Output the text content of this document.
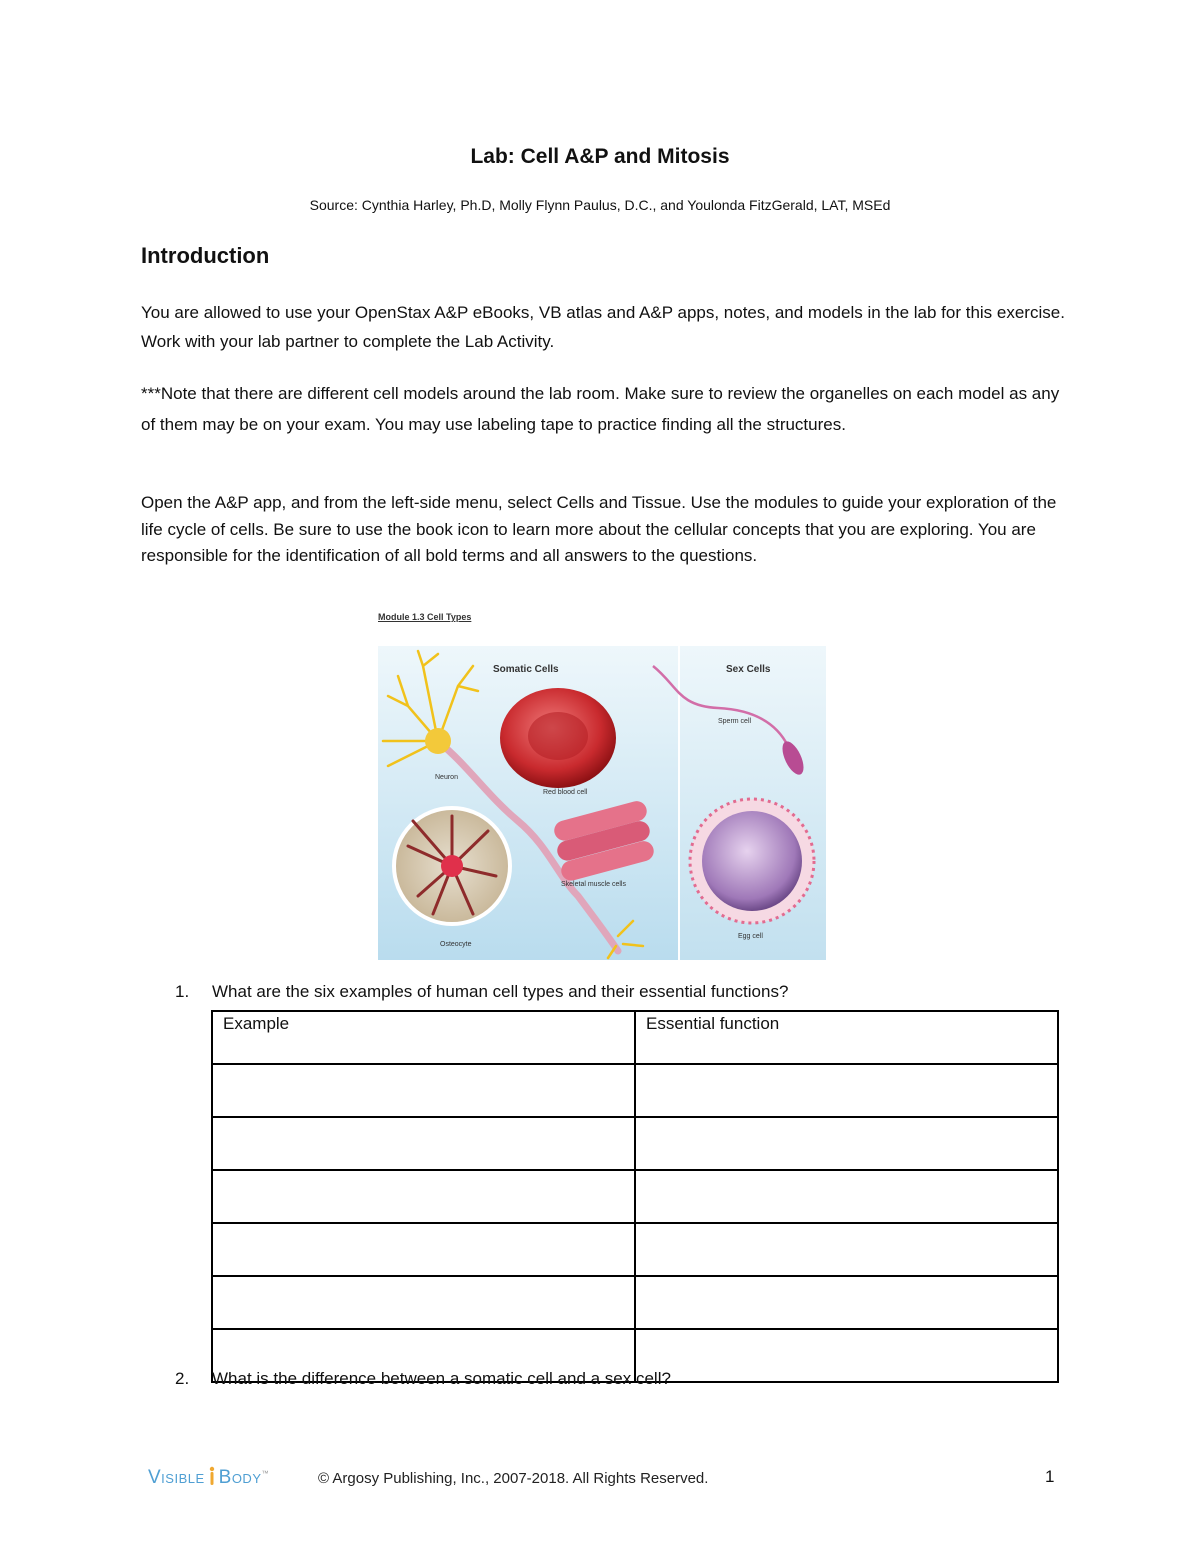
Lab: Cell A&P and Mitosis
Source: Cynthia Harley, Ph.D, Molly Flynn Paulus, D.C., and Youlonda FitzGerald, LAT, MSEd
Introduction
You are allowed to use your OpenStax A&P eBooks, VB atlas and A&P apps, notes, and models in the lab for this exercise. Work with your lab partner to complete the Lab Activity.
***Note that there are different cell models around the lab room. Make sure to review the organelles on each model as any of them may be on your exam. You may use labeling tape to practice finding all the structures.
Open the A&P app, and from the left-side menu, select Cells and Tissue. Use the modules to guide your exploration of the life cycle of cells. Be sure to use the book icon to learn more about the cellular concepts that you are exploring. You are responsible for the identification of all bold terms and all answers to the questions.
Module 1.3 Cell Types
Neuron
Red blood cell
Skeletal muscle cells
Osteocyte
Sperm cell
Egg cell
Somatic Cells	Sex Cells
1. What are the six examples of human cell types and their essential functions?
Example	Essential function

2. What is the difference between a somatic cell and a sex cell?
Visible Body™	© Argosy Publishing, Inc., 2007-2018. All Rights Reserved.	1
